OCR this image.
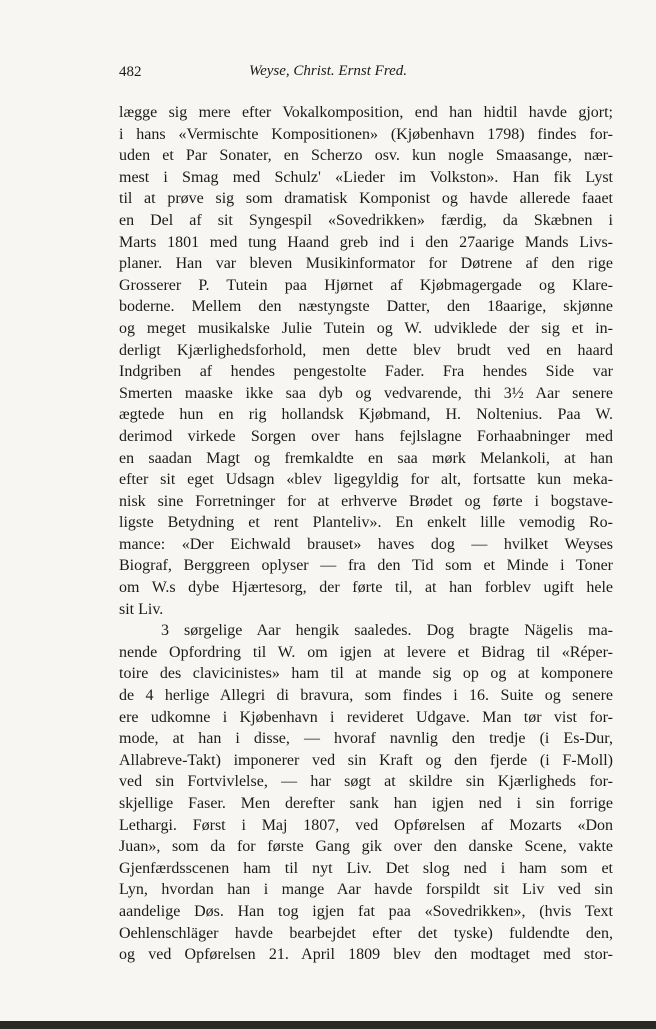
482	Weyse, Christ. Ernst Fred.
lægge sig mere efter Vokalkomposition, end han hidtil havde gjort;
i hans «Vermischte Kompositionen» (Kjøbenhavn 1798) findes for-
uden et Par Sonater, en Scherzo osv. kun nogle Smaasange, nær-
mest i Smag med Schulz' «Lieder im Volkston». Han fik Lyst
til at prøve sig som dramatisk Komponist og havde allerede faaet
en Del af sit Syngespil «Sovedrikken» færdig, da Skæbnen i
Marts 1801 med tung Haand greb ind i den 27aarige Mands Livs-
planer. Han var bleven Musikinformator for Døtrene af den rige
Grosserer P. Tutein paa Hjørnet af Kjøbmagergade og Klare-
boderne. Mellem den næstyngste Datter, den 18aarige, skjønne
og meget musikalske Julie Tutein og W. udviklede der sig et in-
derligt Kjærlighedsforhold, men dette blev brudt ved en haard
Indgriben af hendes pengestolte Fader. Fra hendes Side var
Smerten maaske ikke saa dyb og vedvarende, thi 3½ Aar senere
ægtede hun en rig hollandsk Kjøbmand, H. Noltenius. Paa W.
derimod virkede Sorgen over hans fejlslagne Forhaabninger med
en saadan Magt og fremkaldte en saa mørk Melankoli, at han
efter sit eget Udsagn «blev ligegyldig for alt, fortsatte kun meka-
nisk sine Forretninger for at erhverve Brødet og førte i bogstave-
ligste Betydning et rent Planteliv». En enkelt lille vemodig Ro-
mance: «Der Eichwald brauset» haves dog — hvilket Weyses
Biograf, Berggreen oplyser — fra den Tid som et Minde i Toner
om W.s dybe Hjærtesorg, der førte til, at han forblev ugift hele
sit Liv.
3 sørgelige Aar hengik saaledes. Dog bragte Nägelis ma-
nende Opfordring til W. om igjen at levere et Bidrag til «Réper-
toire des clavicinistes» ham til at mande sig op og at komponere
de 4 herlige Allegri di bravura, som findes i 16. Suite og senere
ere udkomne i Kjøbenhavn i revideret Udgave. Man tør vist for-
mode, at han i disse, — hvoraf navnlig den tredje (i Es-Dur,
Allabreve-Takt) imponerer ved sin Kraft og den fjerde (i F-Moll)
ved sin Fortvivlelse, — har søgt at skildre sin Kjærligheds for-
skjellige Faser. Men derefter sank han igjen ned i sin forrige
Lethargi. Først i Maj 1807, ved Opførelsen af Mozarts «Don
Juan», som da for første Gang gik over den danske Scene, vakte
Gjenfærdsscenen ham til nyt Liv. Det slog ned i ham som et
Lyn, hvordan han i mange Aar havde forspildt sit Liv ved sin
aandelige Døs. Han tog igjen fat paa «Sovedrikken», (hvis Text
Oehlenschläger havde bearbejdet efter det tyske) fuldendte den,
og ved Opførelsen 21. April 1809 blev den modtaget med stor-
